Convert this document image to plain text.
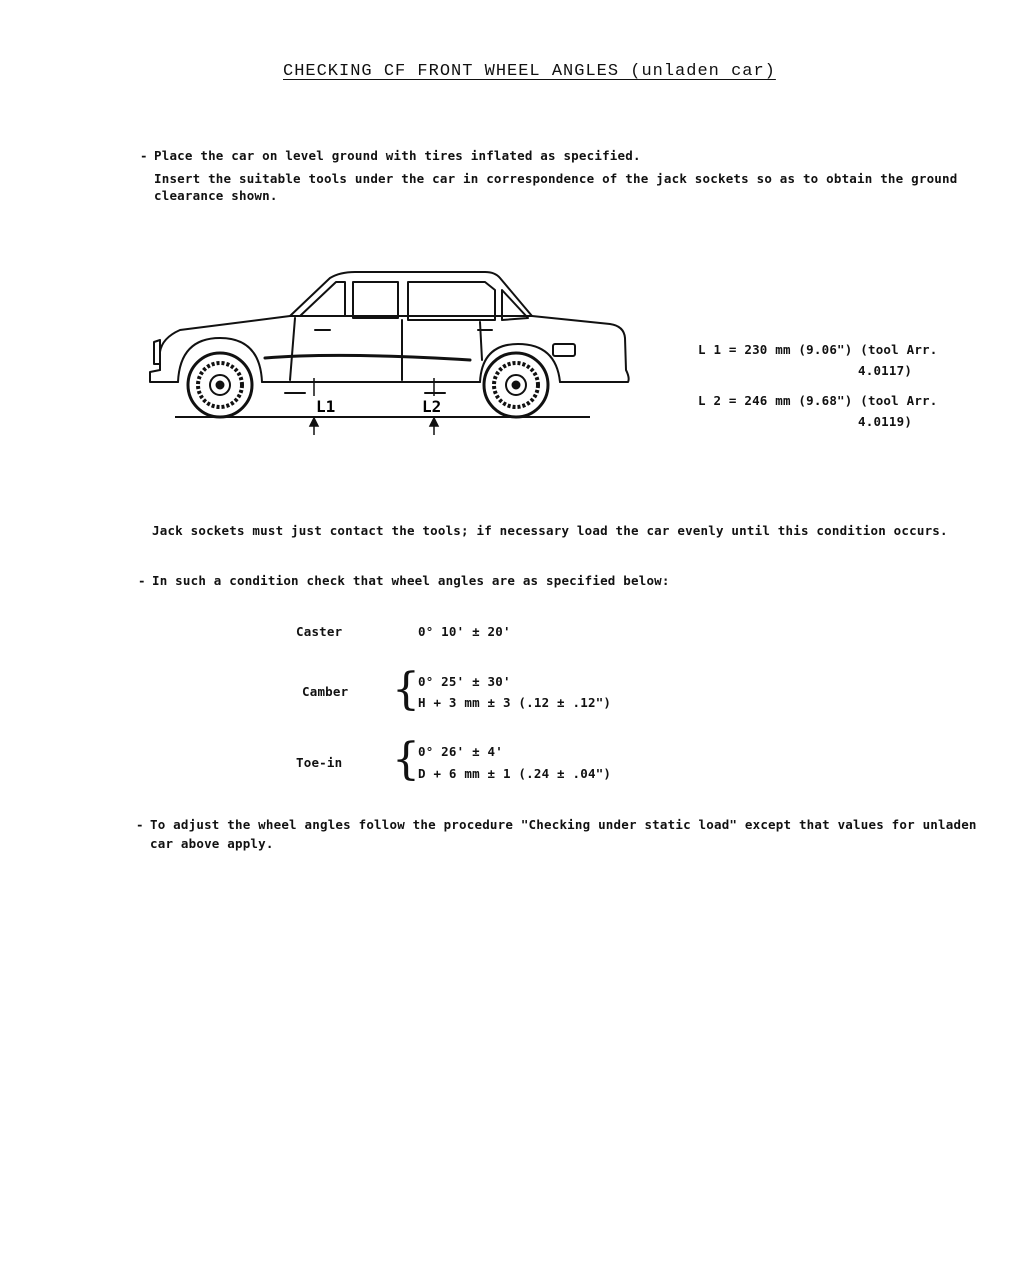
CHECKING CF FRONT WHEEL ANGLES (unladen car)
- Place the car on level ground with tires inflated as specified.
Insert the suitable tools under the car in correspondence of the jack sockets so as to obtain the ground
clearance shown.
L1	L2
L 1 = 230 mm (9.06") (tool Arr.
4.0117)
L 2 = 246 mm (9.68") (tool Arr.
4.0119)
Jack sockets must just contact the tools; if necessary load the car evenly until this condition occurs.
- In such a condition check that wheel angles are as specified below:
Caster	0° 10' ± 20'
Camber {
0° 25' ± 30'
H + 3 mm ± 3 (.12 ± .12")
Toe-in {
0° 26' ± 4'
D + 6 mm ± 1 (.24 ± .04")
- To adjust the wheel angles follow the procedure "Checking under static load" except that values for unladen
car above apply.
